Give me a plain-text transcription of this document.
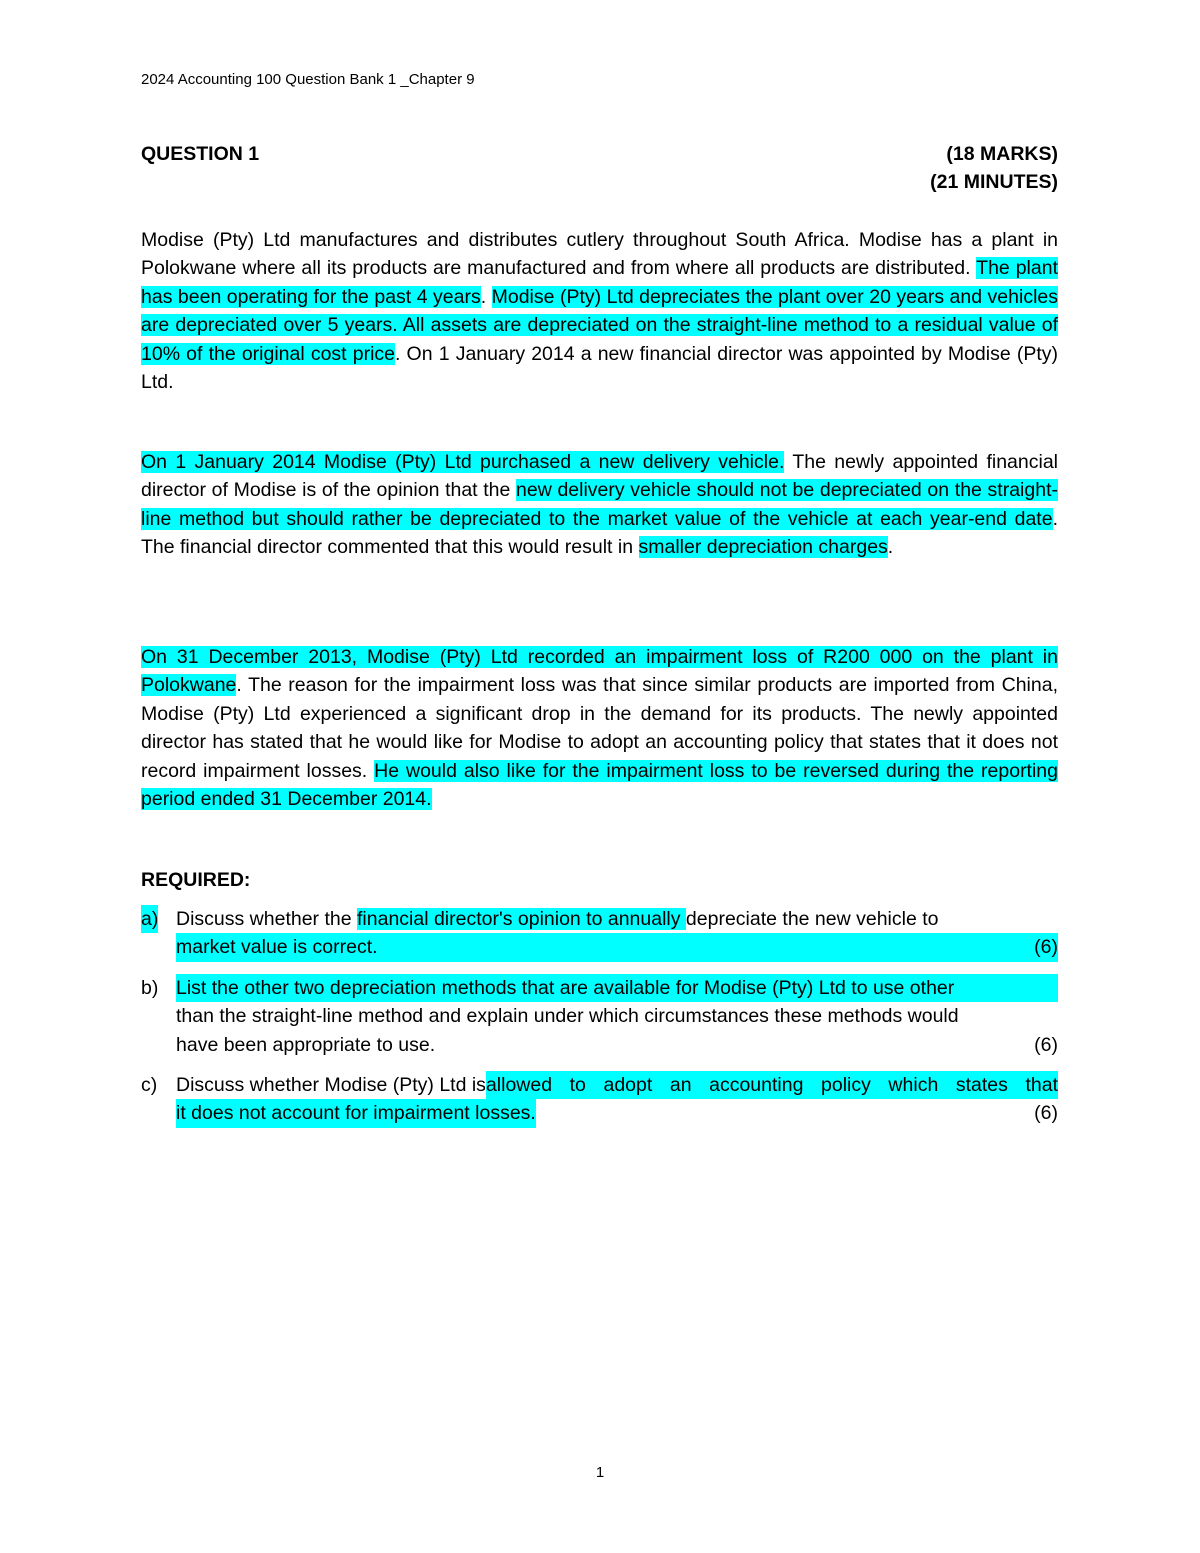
2024 Accounting 100 Question Bank 1 _Chapter 9
QUESTION 1	(18 MARKS)
(21 MINUTES)
Modise (Pty) Ltd manufactures and distributes cutlery throughout South Africa. Modise has a plant in Polokwane where all its products are manufactured and from where all products are distributed. The plant has been operating for the past 4 years. Modise (Pty) Ltd depreciates the plant over 20 years and vehicles are depreciated over 5 years. All assets are depreciated on the straight-line method to a residual value of 10% of the original cost price. On 1 January 2014 a new financial director was appointed by Modise (Pty) Ltd.
On 1 January 2014 Modise (Pty) Ltd purchased a new delivery vehicle. The newly appointed financial director of Modise is of the opinion that the new delivery vehicle should not be depreciated on the straight-line method but should rather be depreciated to the market value of the vehicle at each year-end date. The financial director commented that this would result in smaller depreciation charges.
On 31 December 2013, Modise (Pty) Ltd recorded an impairment loss of R200 000 on the plant in Polokwane. The reason for the impairment loss was that since similar products are imported from China, Modise (Pty) Ltd experienced a significant drop in the demand for its products. The newly appointed director has stated that he would like for Modise to adopt an accounting policy that states that it does not record impairment losses. He would also like for the impairment loss to be reversed during the reporting period ended 31 December 2014.
REQUIRED:
a) Discuss whether the financial director's opinion to annually depreciate the new vehicle to
market value is correct.	(6)
b) List the other two depreciation methods that are available for Modise (Pty) Ltd to use other
than the straight-line method and explain under which circumstances these methods would
have been appropriate to use.	(6)
c) Discuss whether Modise (Pty) Ltd is allowed to adopt an accounting policy which states that
it does not account for impairment losses.	(6)
1
